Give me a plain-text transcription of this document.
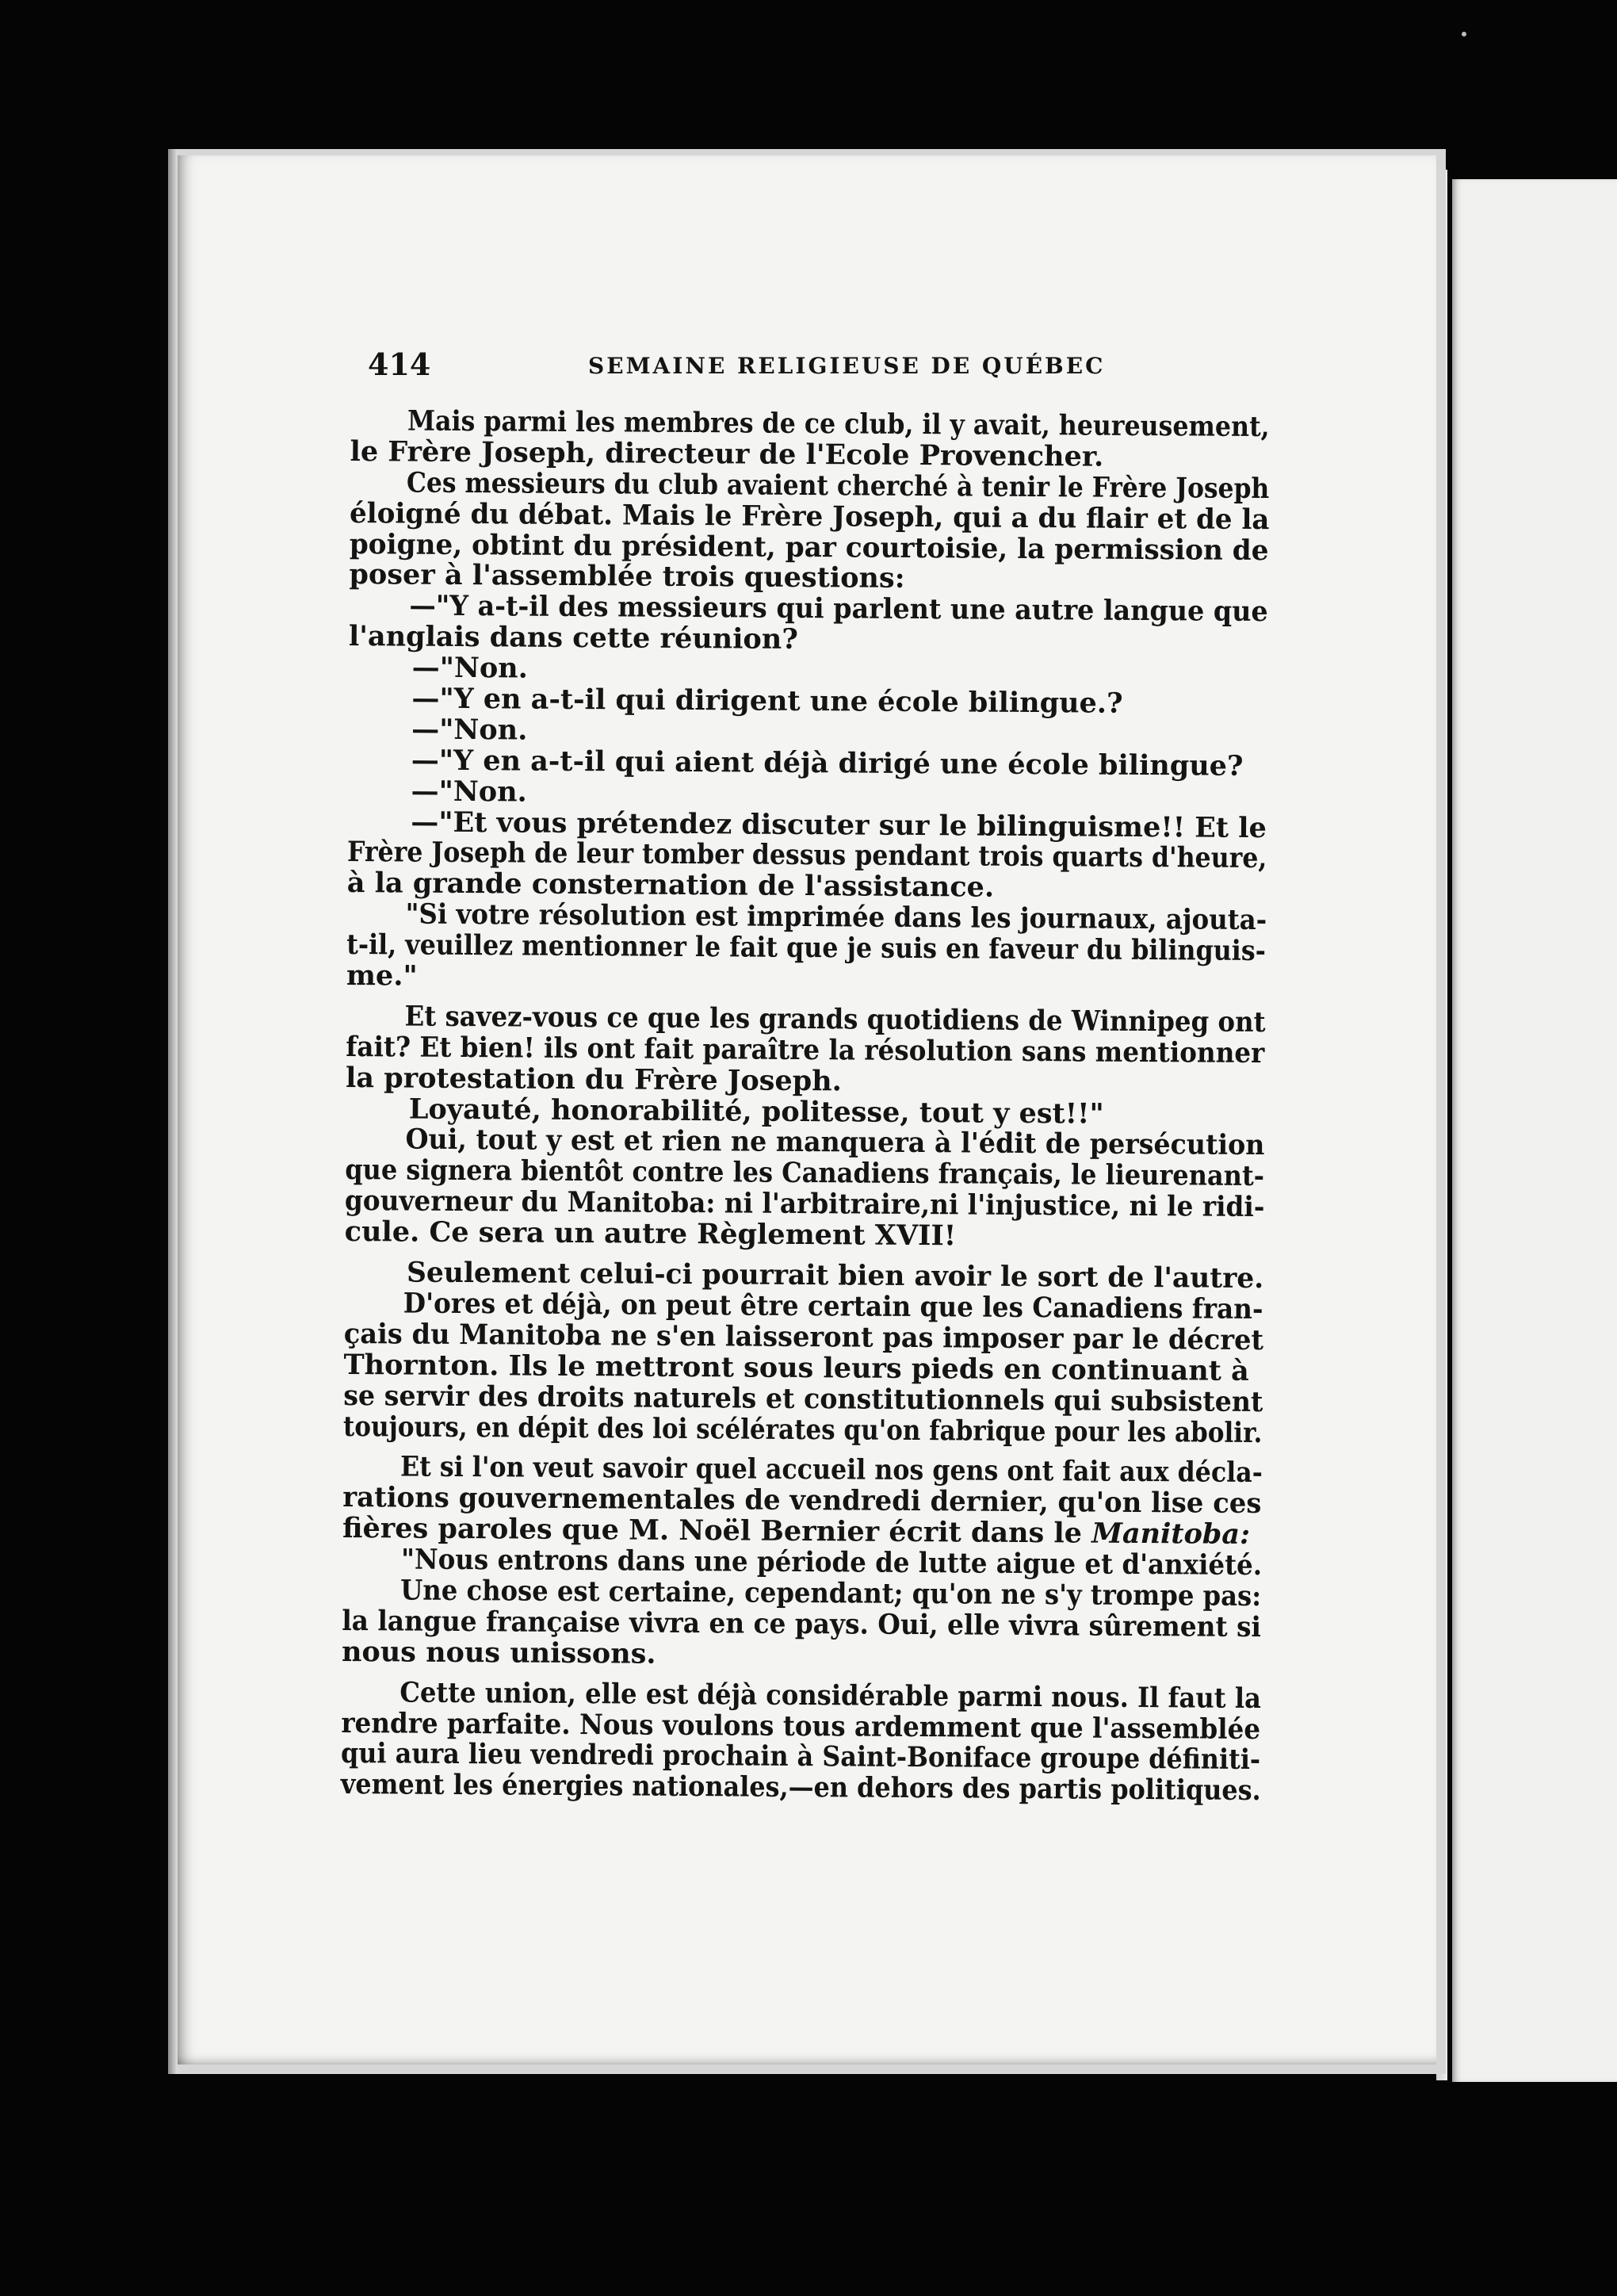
414	SEMAINE RELIGIEUSE DE QUÉBEC
Mais parmi les membres de ce club, il y avait, heureusement,
le Frère Joseph, directeur de l'Ecole Provencher.
Ces messieurs du club avaient cherché à tenir le Frère Joseph
éloigné du débat. Mais le Frère Joseph, qui a du flair et de la
poigne, obtint du président, par courtoisie, la permission de
poser à l'assemblée trois questions:
—"Y a-t-il des messieurs qui parlent une autre langue que
l'anglais dans cette réunion?
—"Non.
—"Y en a-t-il qui dirigent une école bilingue.?
—"Non.
—"Y en a-t-il qui aient déjà dirigé une école bilingue?
—"Non.
—"Et vous prétendez discuter sur le bilinguisme!! Et le
Frère Joseph de leur tomber dessus pendant trois quarts d'heure,
à la grande consternation de l'assistance.
"Si votre résolution est imprimée dans les journaux, ajouta-
t-il, veuillez mentionner le fait que je suis en faveur du bilinguis-
me."
Et savez-vous ce que les grands quotidiens de Winnipeg ont
fait? Et bien! ils ont fait paraître la résolution sans mentionner
la protestation du Frère Joseph.
Loyauté, honorabilité, politesse, tout y est!!"
Oui, tout y est et rien ne manquera à l'édit de persécution
que signera bientôt contre les Canadiens français, le lieurenant-
gouverneur du Manitoba: ni l'arbitraire,ni l'injustice, ni le ridi-
cule. Ce sera un autre Règlement XVII!
Seulement celui-ci pourrait bien avoir le sort de l'autre.
D'ores et déjà, on peut être certain que les Canadiens fran-
çais du Manitoba ne s'en laisseront pas imposer par le décret
Thornton. Ils le mettront sous leurs pieds en continuant à
se servir des droits naturels et constitutionnels qui subsistent
toujours, en dépit des loi scélérates qu'on fabrique pour les abolir.
Et si l'on veut savoir quel accueil nos gens ont fait aux décla-
rations gouvernementales de vendredi dernier, qu'on lise ces
fières paroles que M. Noël Bernier écrit dans le Manitoba:
"Nous entrons dans une période de lutte aigue et d'anxiété.
Une chose est certaine, cependant; qu'on ne s'y trompe pas:
la langue française vivra en ce pays. Oui, elle vivra sûrement si
nous nous unissons.
Cette union, elle est déjà considérable parmi nous. Il faut la
rendre parfaite. Nous voulons tous ardemment que l'assemblée
qui aura lieu vendredi prochain à Saint-Boniface groupe définiti-
vement les énergies nationales,—en dehors des partis politiques.
